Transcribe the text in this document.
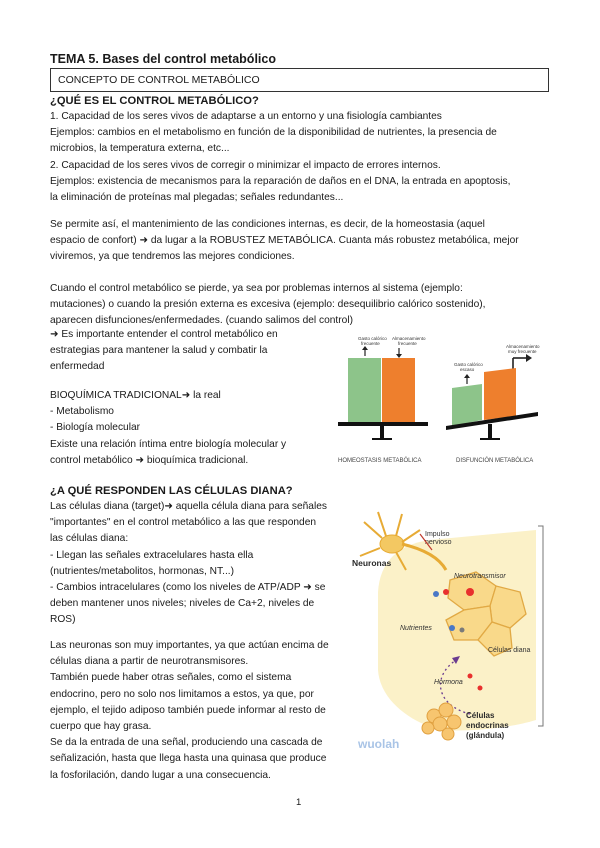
TEMA 5. Bases del control metabólico
CONCEPTO DE CONTROL METABÓLICO
¿QUÉ ES EL CONTROL METABÓLICO?

1. Capacidad de los seres vivos de adaptarse a un entorno y una fisiología cambiantes

Ejemplos: cambios en el metabolismo en función de la disponibilidad de nutrientes, la presencia de

microbios, la temperatura externa, etc...

2. Capacidad de los seres vivos de corregir o minimizar el impacto de errores internos.

Ejemplos: existencia de mecanismos para la reparación de daños en el DNA, la entrada en apoptosis,

la eliminación de proteínas mal plegadas; señales redundantes...

Se permite así, el mantenimiento de las condiciones internas, es decir, de la homeostasia (aquel

espacio de confort) ➜ da lugar a la ROBUSTEZ METABÓLICA. Cuanta más robustez metabólica, mejor

viviremos, ya que tendremos las mejores condiciones.

Cuando el control metabólico se pierde, ya sea por problemas internos al sistema (ejemplo:

mutaciones) o cuando la presión externa es excesiva (ejemplo: desequilibrio calórico sostenido),

aparecen disfunciones/enfermedades. (cuando salimos del control)

➜ Es importante entender el control metabólico en

estrategias para mantener la salud y combatir la

enfermedad

BIOQUÍMICA TRADICIONAL➜ la real

- Metabolismo

- Biología molecular

Existe una relación íntima entre biología molecular y

control metabólico ➜ bioquímica tradicional.

Gasto calórico
frecuente
Almacenamiento
frecuente
Gasto calórico
escaso
Almacenamiento
muy frecuente
HOMEOSTASIS METABÓLICA	DISFUNCIÓN METABÓLICA
¿A QUÉ RESPONDEN LAS CÉLULAS DIANA?

Las células diana (target)➜ aquella célula diana para señales

"importantes" en el control metabólico a las que responden

las células diana:

- Llegan las señales extracelulares hasta ella

(nutrientes/metabolitos, hormonas, NT...)

- Cambios intracelulares (como los niveles de ATP/ADP ➜ se

deben mantener unos niveles; niveles de Ca+2, niveles de

ROS)

Las neuronas son muy importantes, ya que actúan encima de

células diana a partir de neurotransmisores.

También puede haber otras señales, como el sistema

endocrino, pero no solo nos limitamos a estos, ya que, por

ejemplo, el tejido adiposo también puede informar al resto de

cuerpo que hay grasa.

Se da la entrada de una señal, produciendo una cascada de

señalización, hasta que llega hasta una quinasa que produce

la fosforilación, dando lugar a una consecuencia.

Neuronas
Impulso
nervioso
Neurotransmisor
Nutrientes
Células diana
Hormona
Células
endocrinas
(glándula)
wuolah
1
